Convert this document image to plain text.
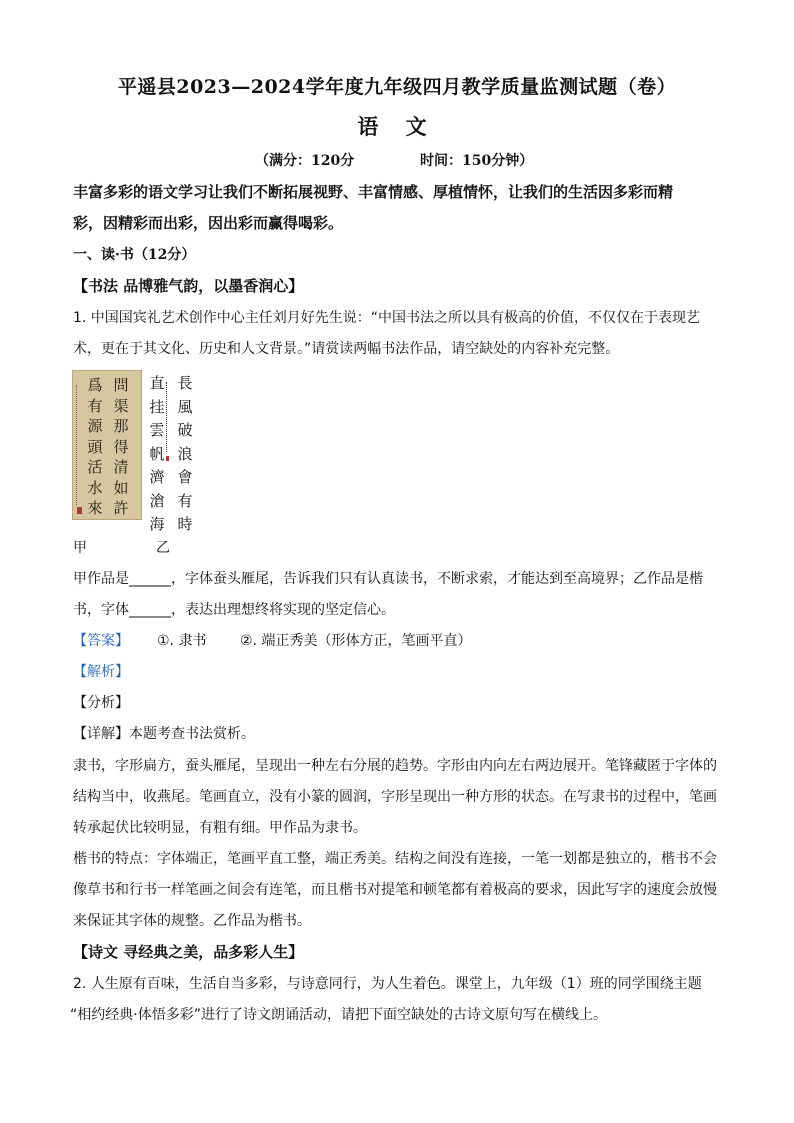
平遥县2023—2024学年度九年级四月教学质量监测试题（卷）
语 文
（满分：120分	时间：150分钟）
丰富多彩的语文学习让我们不断拓展视野、丰富情感、厚植情怀，让我们的生活因多彩而精
彩，因精彩而出彩，因出彩而赢得喝彩。
一、读·书（12分）
【书法 品博雅气韵，以墨香润心】
1. 中国国宾礼艺术创作中心主任刘月好先生说：“中国书法之所以具有极高的价值，不仅仅在于表现艺
术，更在于其文化、历史和人文背景。”请赏读两幅书法作品，请空缺处的内容补充完整。
爲有源頭活水來
問渠那得清如許
直挂雲帆濟滄海
長風破浪會有時
甲	乙
甲作品是______，字体蚕头雁尾，告诉我们只有认真读书，不断求索，才能达到至高境界；乙作品是楷
书，字体______，表达出理想终将实现的坚定信心。
【答案】	①. 隶书 ②. 端正秀美（形体方正，笔画平直）
【解析】
【分析】
【详解】本题考查书法赏析。
隶书，字形扁方，蚕头雁尾，呈现出一种左右分展的趋势。字形由内向左右两边展开。笔锋藏匿于字体的
结构当中，收燕尾。笔画直立，没有小篆的圆润，字形呈现出一种方形的状态。在写隶书的过程中，笔画
转承起伏比较明显，有粗有细。甲作品为隶书。
楷书的特点：字体端正，笔画平直工整，端正秀美。结构之间没有连接，一笔一划都是独立的，楷书不会
像草书和行书一样笔画之间会有连笔，而且楷书对提笔和顿笔都有着极高的要求，因此写字的速度会放慢
来保证其字体的规整。乙作品为楷书。
【诗文 寻经典之美，品多彩人生】
2. 人生原有百味，生活自当多彩，与诗意同行，为人生着色。课堂上，九年级（1）班的同学围绕主题
“相约经典·体悟多彩”进行了诗文朗诵活动，请把下面空缺处的古诗文原句写在横线上。
